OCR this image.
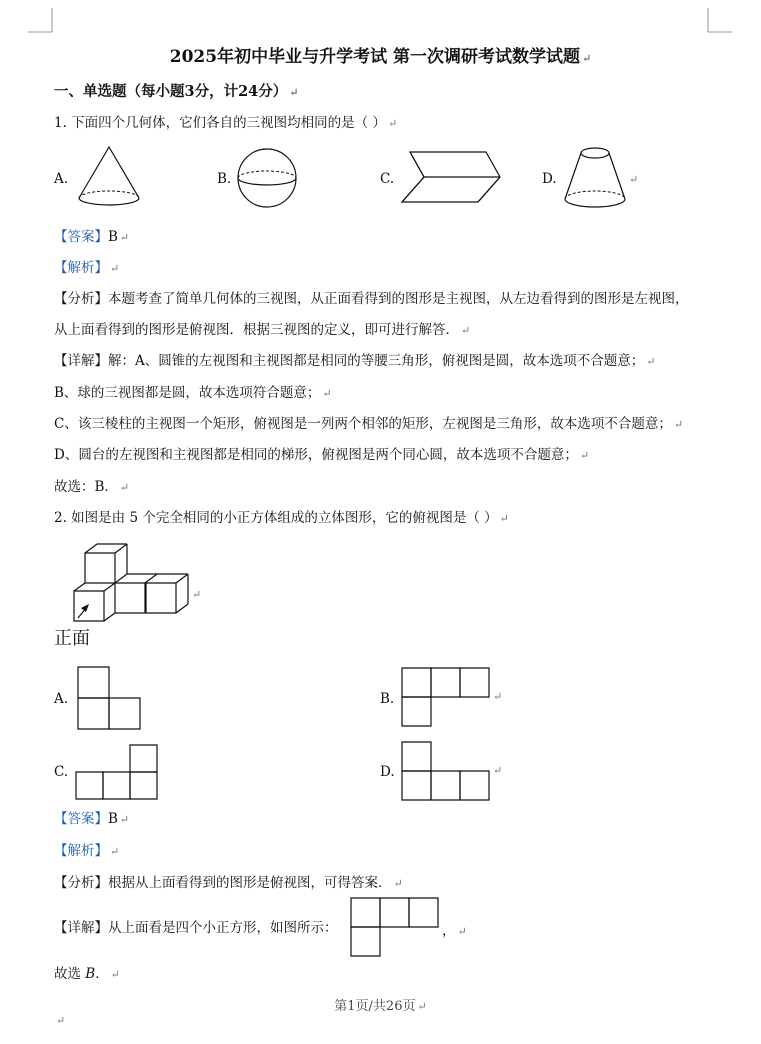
2025年初中毕业与升学考试 第一次调研考试数学试题 ↵
一、单选题（每小题3分，计24分） ↵
1. 下面四个几何体，它们各自的三视图均相同的是（ ） ↵
A.	B.	C.	D.	↵
【答案】B ↵
【解析】 ↵
【分析】本题考查了简单几何体的三视图，从正面看得到的图形是主视图，从左边看得到的图形是左视图，
从上面看得到的图形是俯视图．根据三视图的定义，即可进行解答． ↵
【详解】解：A、圆锥的左视图和主视图都是相同的等腰三角形，俯视图是圆，故本选项不合题意； ↵
B、球的三视图都是圆，故本选项符合题意； ↵
C、该三棱柱的主视图一个矩形，俯视图是一列两个相邻的矩形，左视图是三角形，故本选项不合题意； ↵
D、圆台的左视图和主视图都是相同的梯形，俯视图是两个同心圆，故本选项不合题意； ↵
故选：B． ↵
2. 如图是由 5 个完全相同的小正方体组成的立体图形，它的俯视图是（ ） ↵
↵
正面
A.	B.	↵
C.	D.	↵
【答案】B ↵
【解析】 ↵
【分析】根据从上面看得到的图形是俯视图，可得答案． ↵
【详解】从上面看是四个小正方形，如图所示：	， ↵
故选 B． ↵
第1页/共26页 ↵
↵
